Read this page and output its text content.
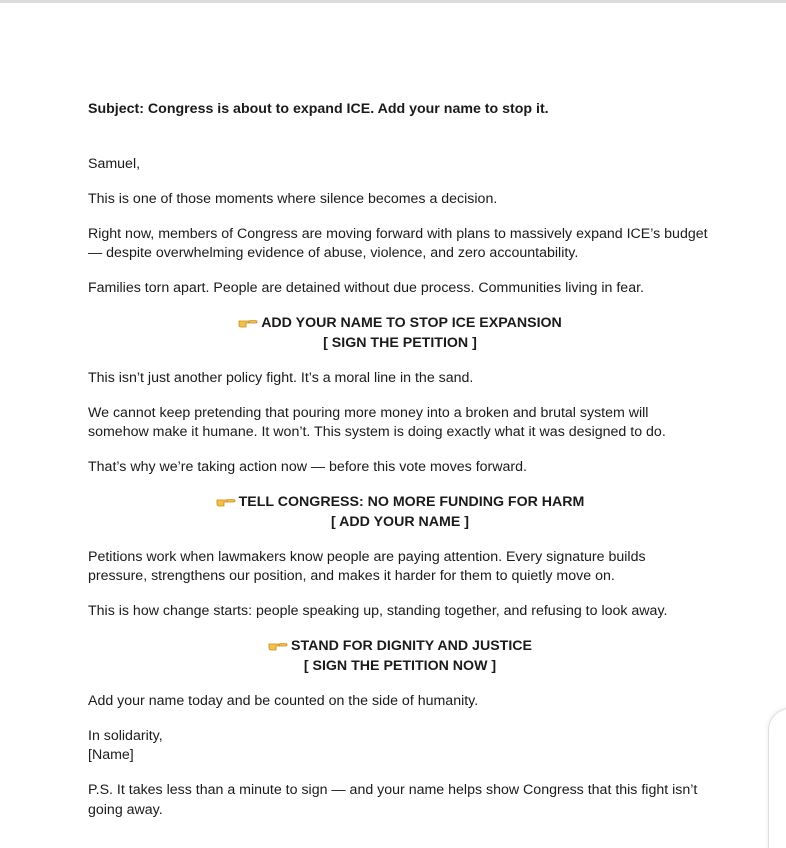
Subject: Congress is about to expand ICE. Add your name to stop it.

Samuel,

This is one of those moments where silence becomes a decision.

Right now, members of Congress are moving forward with plans to massively expand ICE’s budget — despite overwhelming evidence of abuse, violence, and zero accountability.

Families torn apart. People are detained without due process. Communities living in fear.

ADD YOUR NAME TO STOP ICE EXPANSION
[ SIGN THE PETITION ]

This isn’t just another policy fight. It’s a moral line in the sand.

We cannot keep pretending that pouring more money into a broken and brutal system will somehow make it humane. It won’t. This system is doing exactly what it was designed to do.

That’s why we’re taking action now — before this vote moves forward.

TELL CONGRESS: NO MORE FUNDING FOR HARM
[ ADD YOUR NAME ]

Petitions work when lawmakers know people are paying attention. Every signature builds pressure, strengthens our position, and makes it harder for them to quietly move on.

This is how change starts: people speaking up, standing together, and refusing to look away.

STAND FOR DIGNITY AND JUSTICE
[ SIGN THE PETITION NOW ]

Add your name today and be counted on the side of humanity.

In solidarity,
[Name]

P.S. It takes less than a minute to sign — and your name helps show Congress that this fight isn’t going away.
